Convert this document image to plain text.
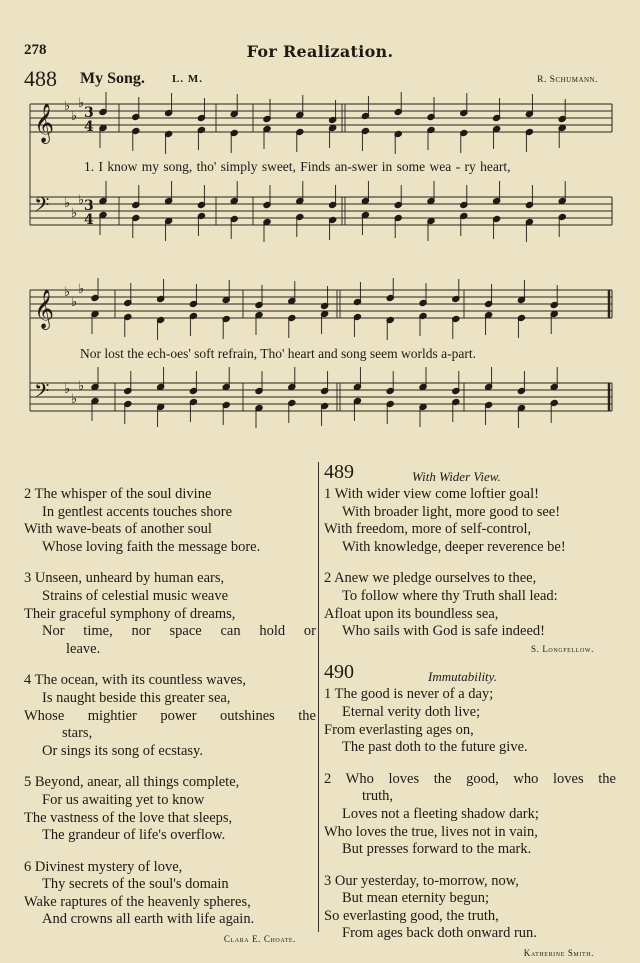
278	For Realization.
488 My Song. L. M.	R. Schumann.
𝄞 ♭
♭
♭
𝄢 ♭
♭
♭
𝄞 ♭
♭
♭
𝄢 ♭
♭
♭
3
4
3
4
1. I know my song, tho' simply sweet, Finds an-swer in some wea - ry heart,
Nor lost the ech-oes' soft refrain, Tho' heart and song seem worlds a-part.
2 The whisper of the soul divine
In gentlest accents touches shore
With wave-beats of another soul
Whose loving faith the message bore.
3 Unseen, unheard by human ears,
Strains of celestial music weave
Their graceful symphony of dreams,
Nor time, nor space can hold or
leave.
4 The ocean, with its countless waves,
Is naught beside this greater sea,
Whose mightier power outshines the
stars,
Or sings its song of ecstasy.
5 Beyond, anear, all things complete,
For us awaiting yet to know
The vastness of the love that sleeps,
The grandeur of life's overflow.
6 Divinest mystery of love,
Thy secrets of the soul's domain
Wake raptures of the heavenly spheres,
And crowns all earth with life again.
Clara E. Choate.
489	With Wider View.
1 With wider view come loftier goal!
With broader light, more good to see!
With freedom, more of self-control,
With knowledge, deeper reverence be!
2 Anew we pledge ourselves to thee,
To follow where thy Truth shall lead:
Afloat upon its boundless sea,
Who sails with God is safe indeed!
S. Longfellow.
490	Immutability.
1 The good is never of a day;
Eternal verity doth live;
From everlasting ages on,
The past doth to the future give.
2 Who loves the good, who loves the
truth,
Loves not a fleeting shadow dark;
Who loves the true, lives not in vain,
But presses forward to the mark.
3 Our yesterday, to-morrow, now,
But mean eternity begun;
So everlasting good, the truth,
From ages back doth onward run.
Katherine Smith.
